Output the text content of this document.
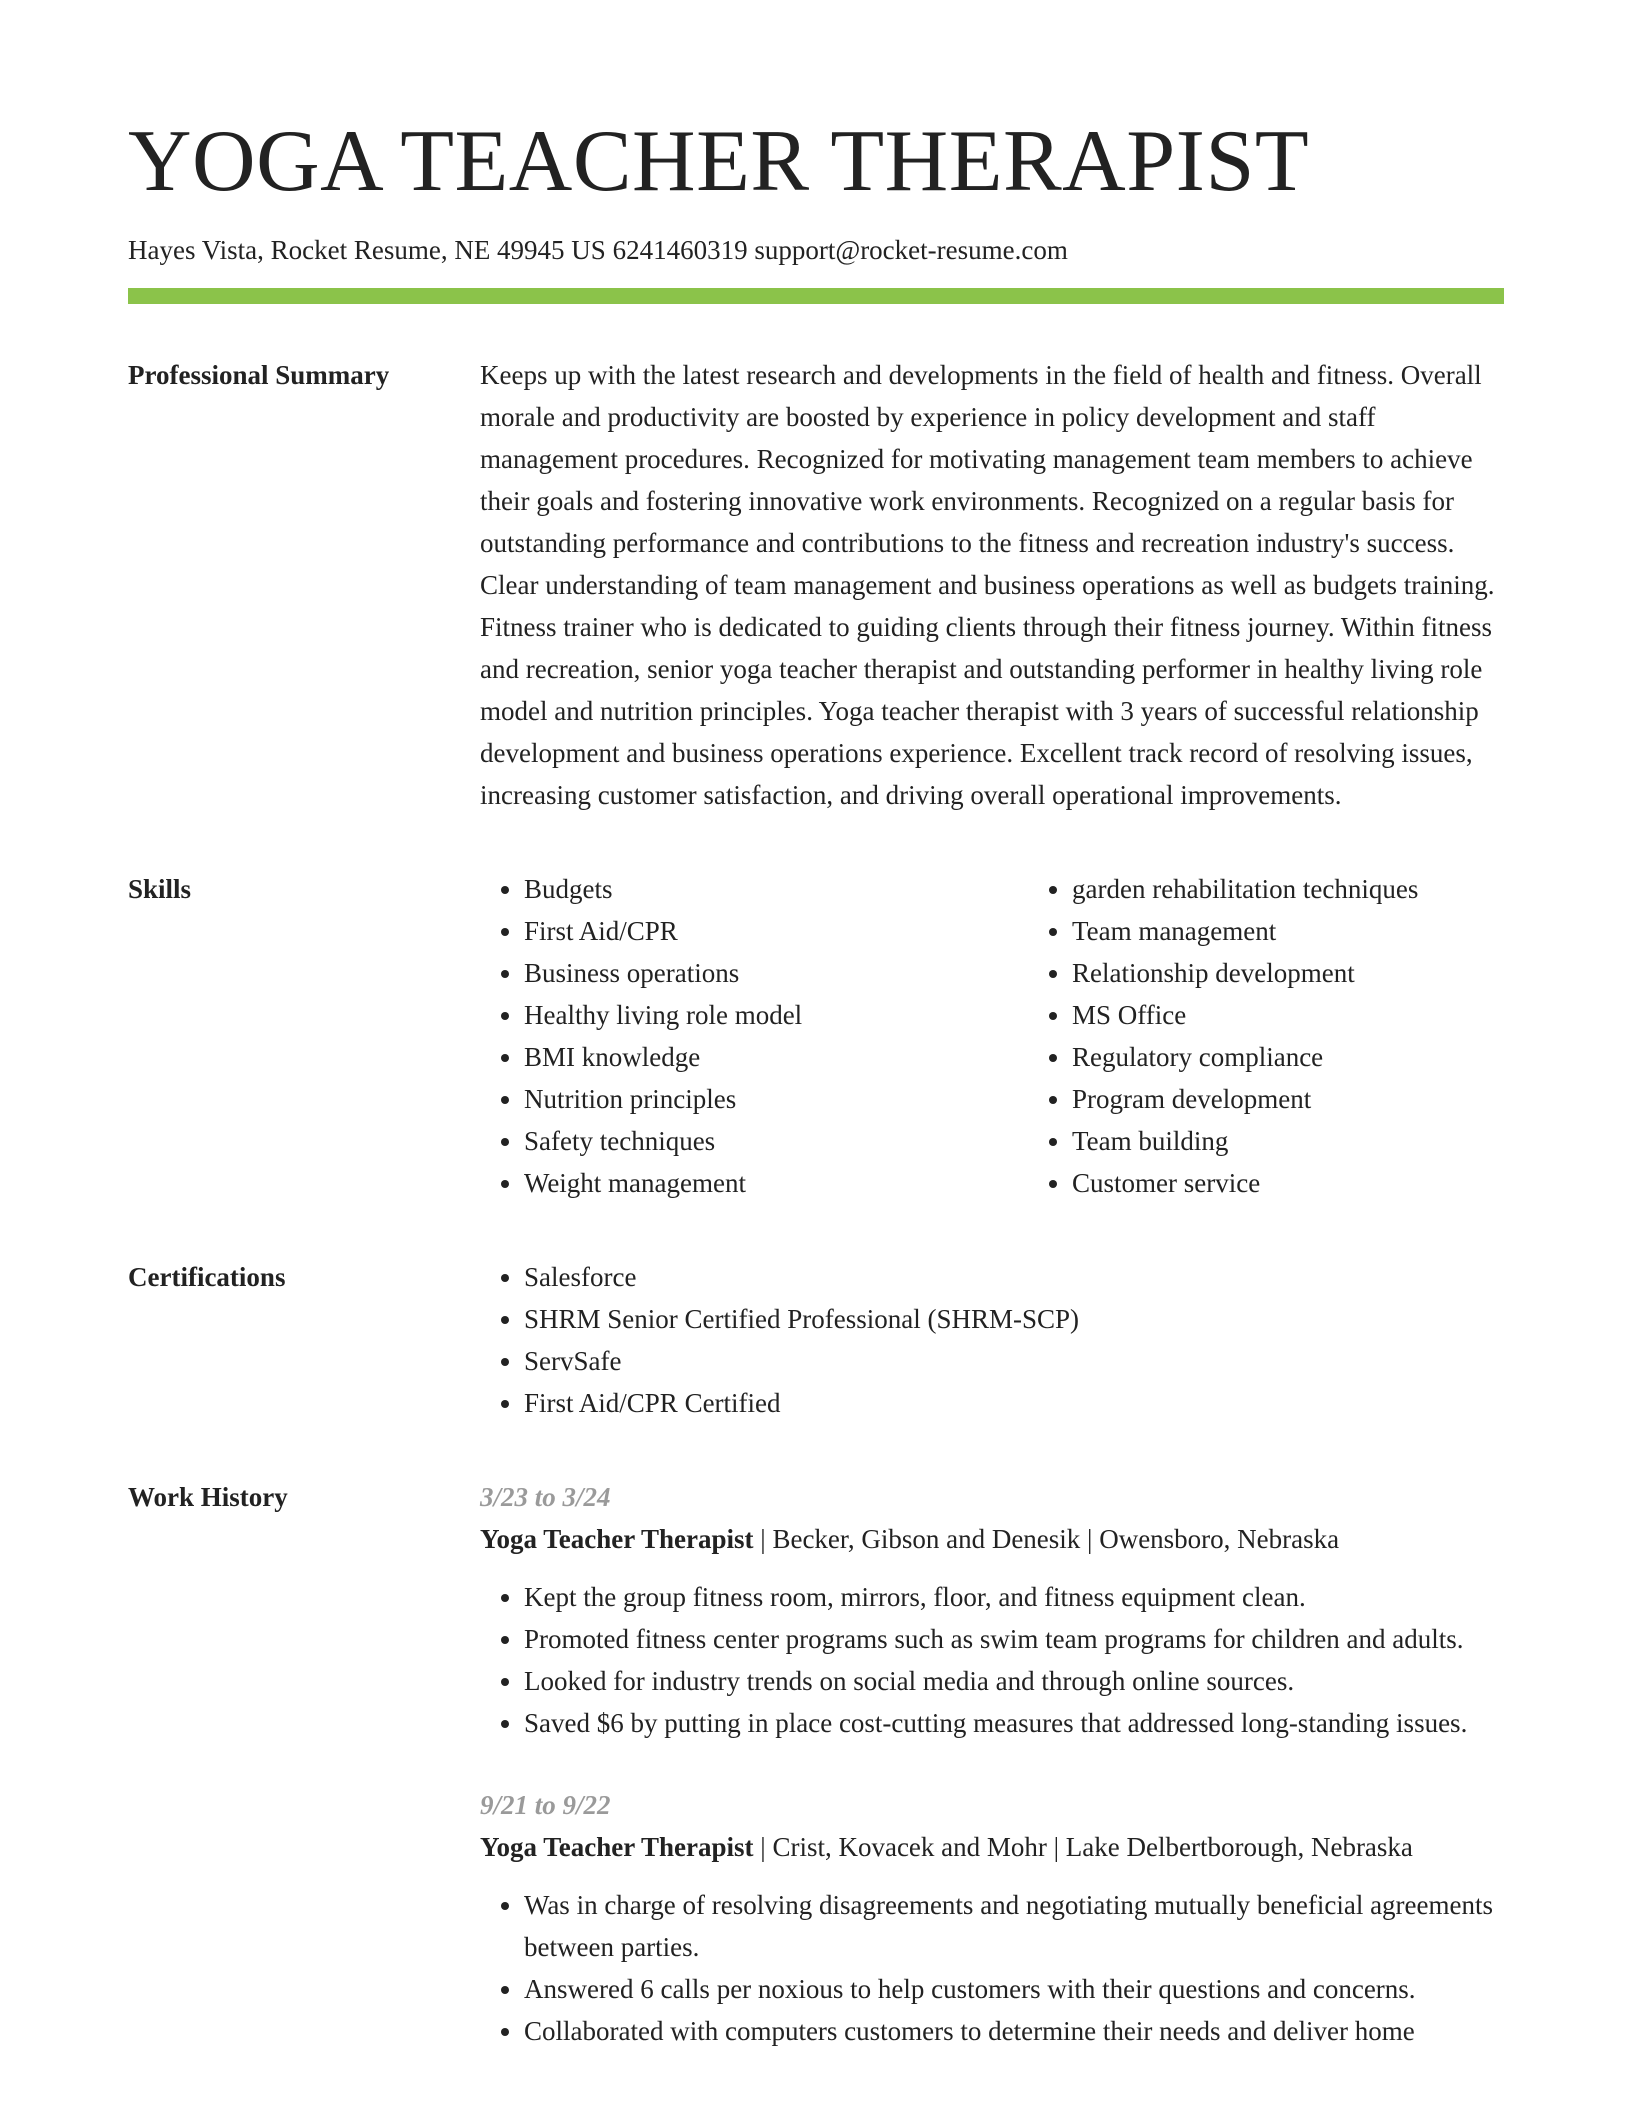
YOGA TEACHER THERAPIST
Hayes Vista, Rocket Resume, NE 49945 US 6241460319 support@rocket-resume.com
Professional Summary	Keeps up with the latest research and developments in the field of health and fitness. Overall morale and productivity are boosted by experience in policy development and staff management procedures. Recognized for motivating management team members to achieve their goals and fostering innovative work environments. Recognized on a regular basis for outstanding performance and contributions to the fitness and recreation industry's success. Clear understanding of team management and business operations as well as budgets training. Fitness trainer who is dedicated to guiding clients through their fitness journey. Within fitness and recreation, senior yoga teacher therapist and outstanding performer in healthy living role model and nutrition principles. Yoga teacher therapist with 3 years of successful relationship development and business operations experience. Excellent track record of resolving issues, increasing customer satisfaction, and driving overall operational improvements.

Skills	• Budgets
• First Aid/CPR
• Business operations
• Healthy living role model
• BMI knowledge
• Nutrition principles
• Safety techniques
• Weight management
• garden rehabilitation techniques
• Team management
• Relationship development
• MS Office
• Regulatory compliance
• Program development
• Team building
• Customer service
Certifications	• Salesforce
• SHRM Senior Certified Professional (SHRM-SCP)
• ServSafe
• First Aid/CPR Certified
Work History	3/23 to 3/24
Yoga Teacher Therapist | Becker, Gibson and Denesik | Owensboro, Nebraska
• Kept the group fitness room, mirrors, floor, and fitness equipment clean.
• Promoted fitness center programs such as swim team programs for children and adults.
• Looked for industry trends on social media and through online sources.
• Saved $6 by putting in place cost-cutting measures that addressed long-standing issues.
9/21 to 9/22
Yoga Teacher Therapist | Crist, Kovacek and Mohr | Lake Delbertborough, Nebraska
• Was in charge of resolving disagreements and negotiating mutually beneficial agreements between parties.
• Answered 6 calls per noxious to help customers with their questions and concerns.
• Collaborated with computers customers to determine their needs and deliver home
